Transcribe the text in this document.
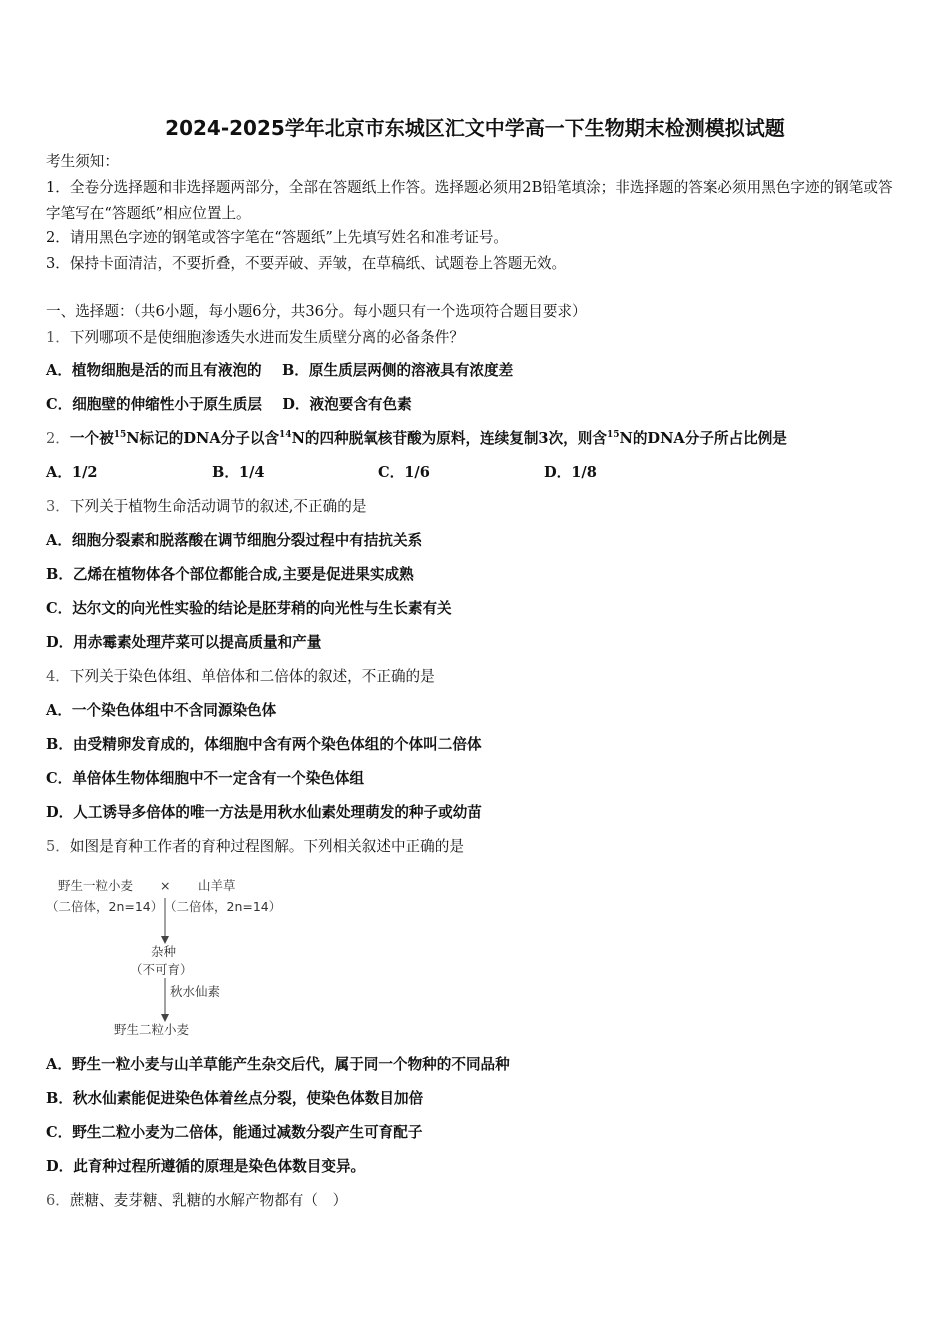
2024-2025学年北京市东城区汇文中学高一下生物期末检测模拟试题
考生须知：
1．全卷分选择题和非选择题两部分，全部在答题纸上作答。选择题必须用2B铅笔填涂；非选择题的答案必须用黑色字迹的钢笔或答字笔写在“答题纸”相应位置上。
2．请用黑色字迹的钢笔或答字笔在“答题纸”上先填写姓名和准考证号。
3．保持卡面清洁，不要折叠，不要弄破、弄皱，在草稿纸、试题卷上答题无效。
一、选择题：（共6小题，每小题6分，共36分。每小题只有一个选项符合题目要求）
1．下列哪项不是使细胞渗透失水进而发生质壁分离的必备条件？
A．植物细胞是活的而且有液泡的 B．原生质层两侧的溶液具有浓度差
C．细胞壁的伸缩性小于原生质层 D．液泡要含有色素
2．一个被$^{15}$N标记的DNA分子以含$^{14}$N的四种脱氧核苷酸为原料，连续复制3次，则含$^{15}$N的DNA分子所占比例是
A．1/2	B．1/4	C．1/6	D．1/8
3．下列关于植物生命活动调节的叙述,不正确的是
A．细胞分裂素和脱落酸在调节细胞分裂过程中有拮抗关系
B．乙烯在植物体各个部位都能合成,主要是促进果实成熟
C．达尔文的向光性实验的结论是胚芽稍的向光性与生长素有关
D．用赤霉素处理芹菜可以提高质量和产量
4．下列关于染色体组、单倍体和二倍体的叙述，不正确的是
A．一个染色体组中不含同源染色体
B．由受精卵发育成的，体细胞中含有两个染色体组的个体叫二倍体
C．单倍体生物体细胞中不一定含有一个染色体组
D．人工诱导多倍体的唯一方法是用秋水仙素处理萌发的种子或幼苗
5．如图是育种工作者的育种过程图解。下列相关叙述中正确的是
野生一粒小麦 × 山羊草
（二倍体，2n=14） （二倍体，2n=14）
杂种
（不可育）
秋水仙素
野生二粒小麦
A．野生一粒小麦与山羊草能产生杂交后代，属于同一个物种的不同品种
B．秋水仙素能促进染色体着丝点分裂，使染色体数目加倍
C．野生二粒小麦为二倍体，能通过减数分裂产生可育配子
D．此育种过程所遵循的原理是染色体数目变异。
6．蔗糖、麦芽糖、乳糖的水解产物都有（　）
